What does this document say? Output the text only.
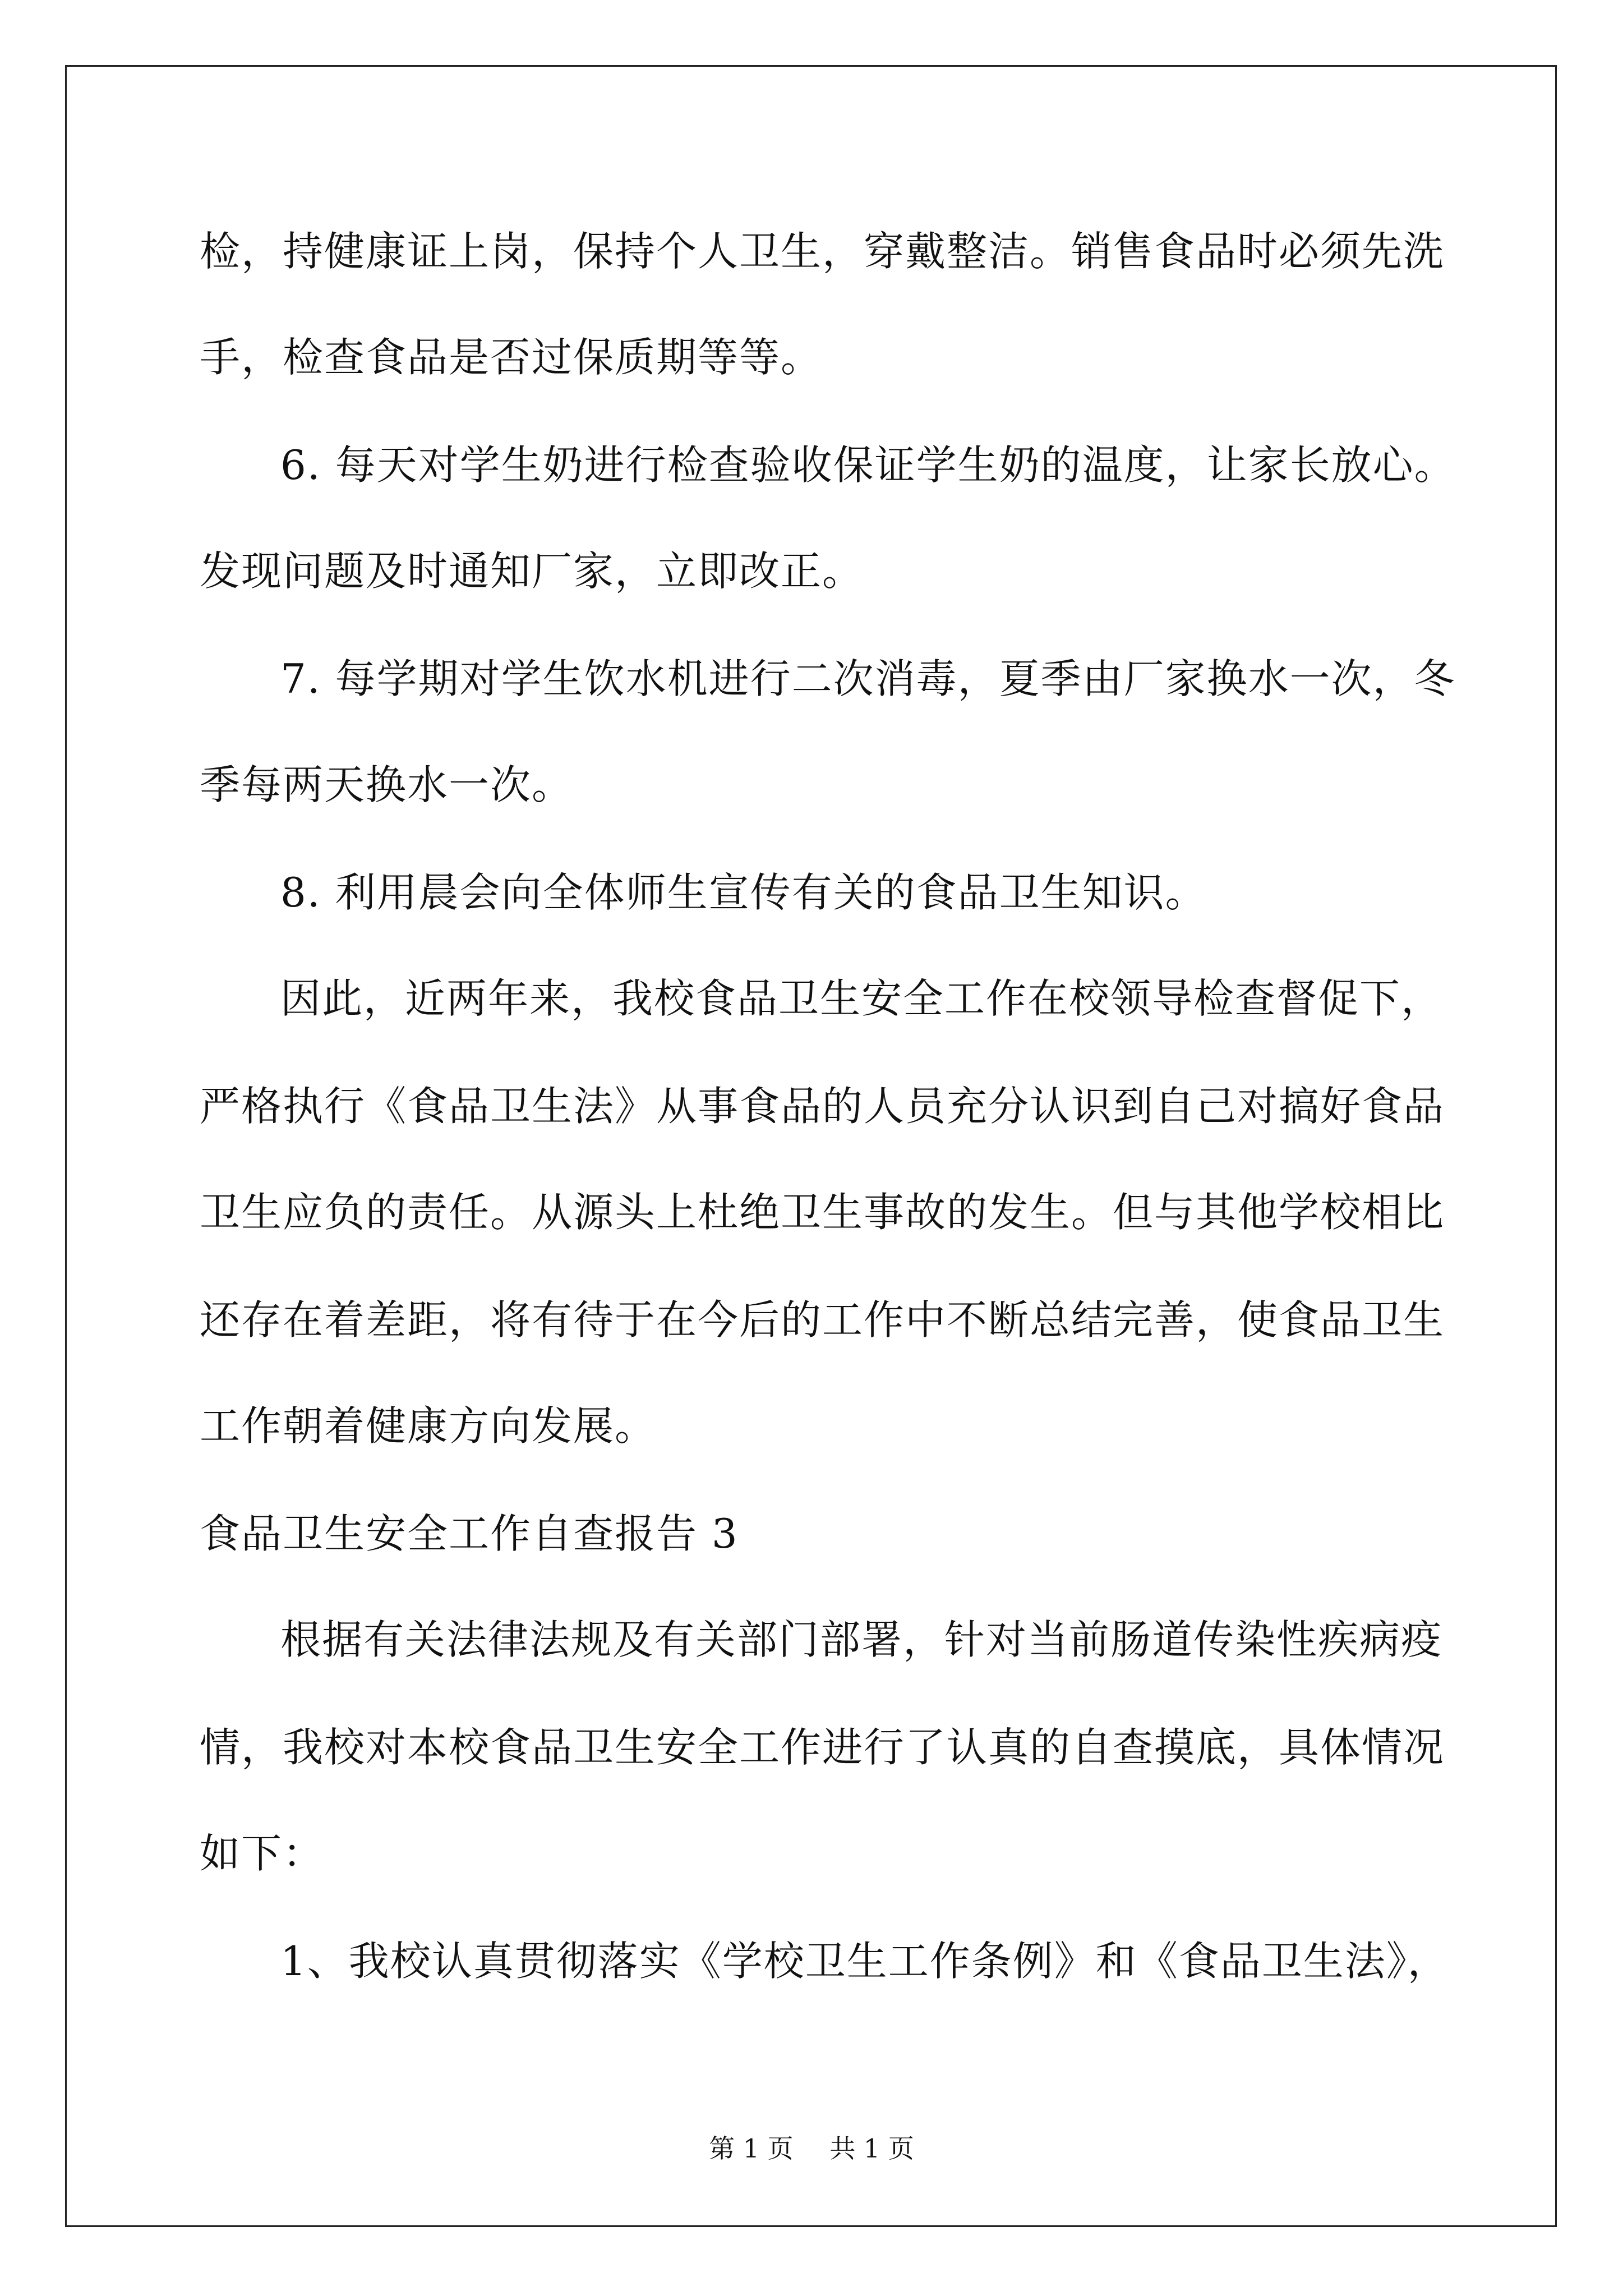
检，持健康证上岗，保持个人卫生，穿戴整洁。销售食品时必须先洗
手，检查食品是否过保质期等等。
6. 每天对学生奶进行检查验收保证学生奶的温度，让家长放心。
发现问题及时通知厂家，立即改正。
7. 每学期对学生饮水机进行二次消毒，夏季由厂家换水一次，冬
季每两天换水一次。
8. 利用晨会向全体师生宣传有关的食品卫生知识。
因此，近两年来，我校食品卫生安全工作在校领导检查督促下，
严格执行《食品卫生法》从事食品的人员充分认识到自己对搞好食品
卫生应负的责任。从源头上杜绝卫生事故的发生。但与其他学校相比
还存在着差距，将有待于在今后的工作中不断总结完善，使食品卫生
工作朝着健康方向发展。
食品卫生安全工作自查报告 3
根据有关法律法规及有关部门部署，针对当前肠道传染性疾病疫
情，我校对本校食品卫生安全工作进行了认真的自查摸底，具体情况
如下：
1、我校认真贯彻落实《学校卫生工作条例》和《食品卫生法》，
第 1 页 共 1 页
